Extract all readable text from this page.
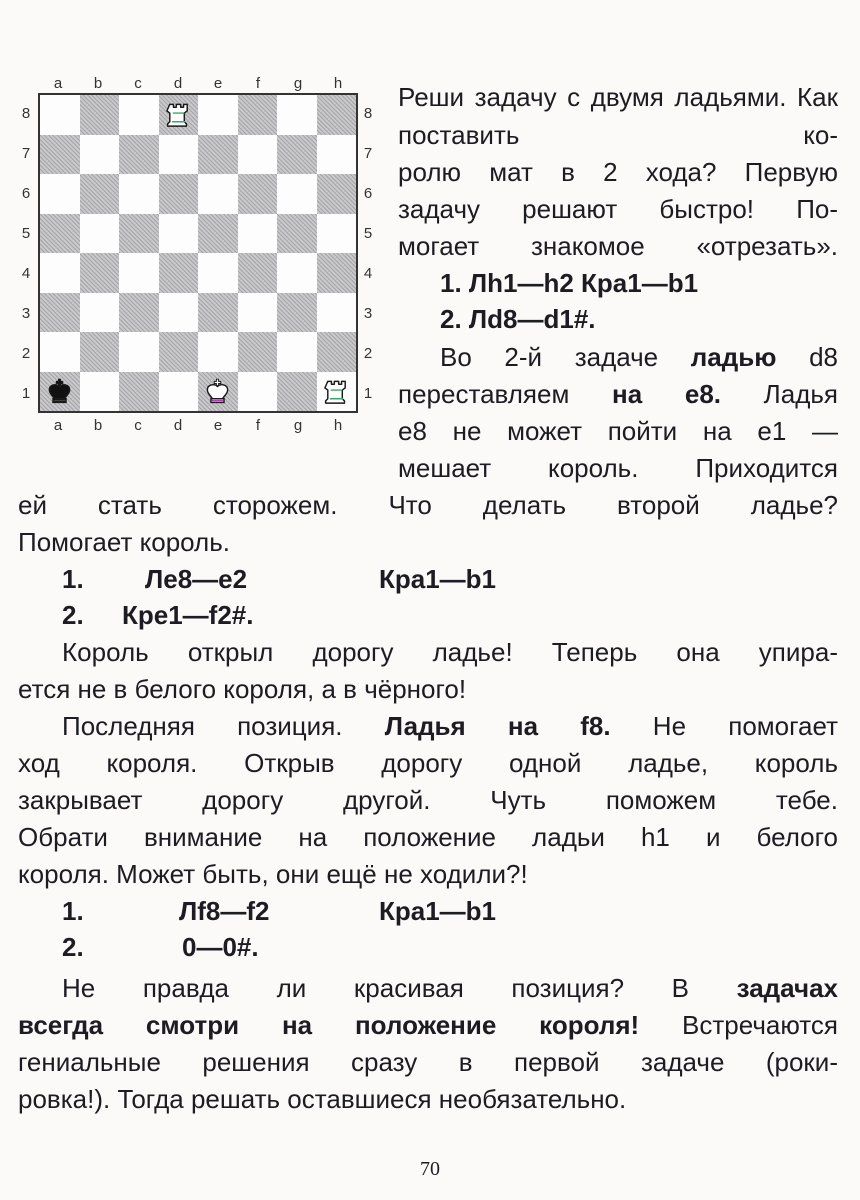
a	b	c	d	e	f	g	h
a	b	c	d	e	f	g	h
8
7
6
5
4
3
2
1
8
7
6
5
4
3
2
1

Реши задачу с двумя ладьями. Как поставить ко-

ролю мат в 2 хода? Первую

задачу решают быстро! По-

могает знакомое «отрезать».

1. Лh1—h2 Кра1—b1
2. Лd8—d1#.

Во 2-й задаче ладью d8

переставляем на е8. Ладья

е8 не может пойти на е1 —

мешает король. Приходится

ей стать сторожем. Что делать второй ладье?

Помогает король.

1. Ле8—е2	Кра1—b1
2. Кре1—f2#.

Король открыл дорогу ладье! Теперь она упира-

ется не в белого короля, а в чёрного!

Последняя позиция. Ладья на f8. Не помогает

ход короля. Открыв дорогу одной ладье, король

закрывает дорогу другой. Чуть поможем тебе.

Обрати внимание на положение ладьи h1 и белого

короля. Может быть, они ещё не ходили?!

1.	Лf8—f2	Кра1—b1
2.	0—0#.

Не правда ли красивая позиция? В задачах

всегда смотри на положение короля! Встречаются

гениальные решения сразу в первой задаче (роки-

ровка!). Тогда решать оставшиеся необязательно.

70
